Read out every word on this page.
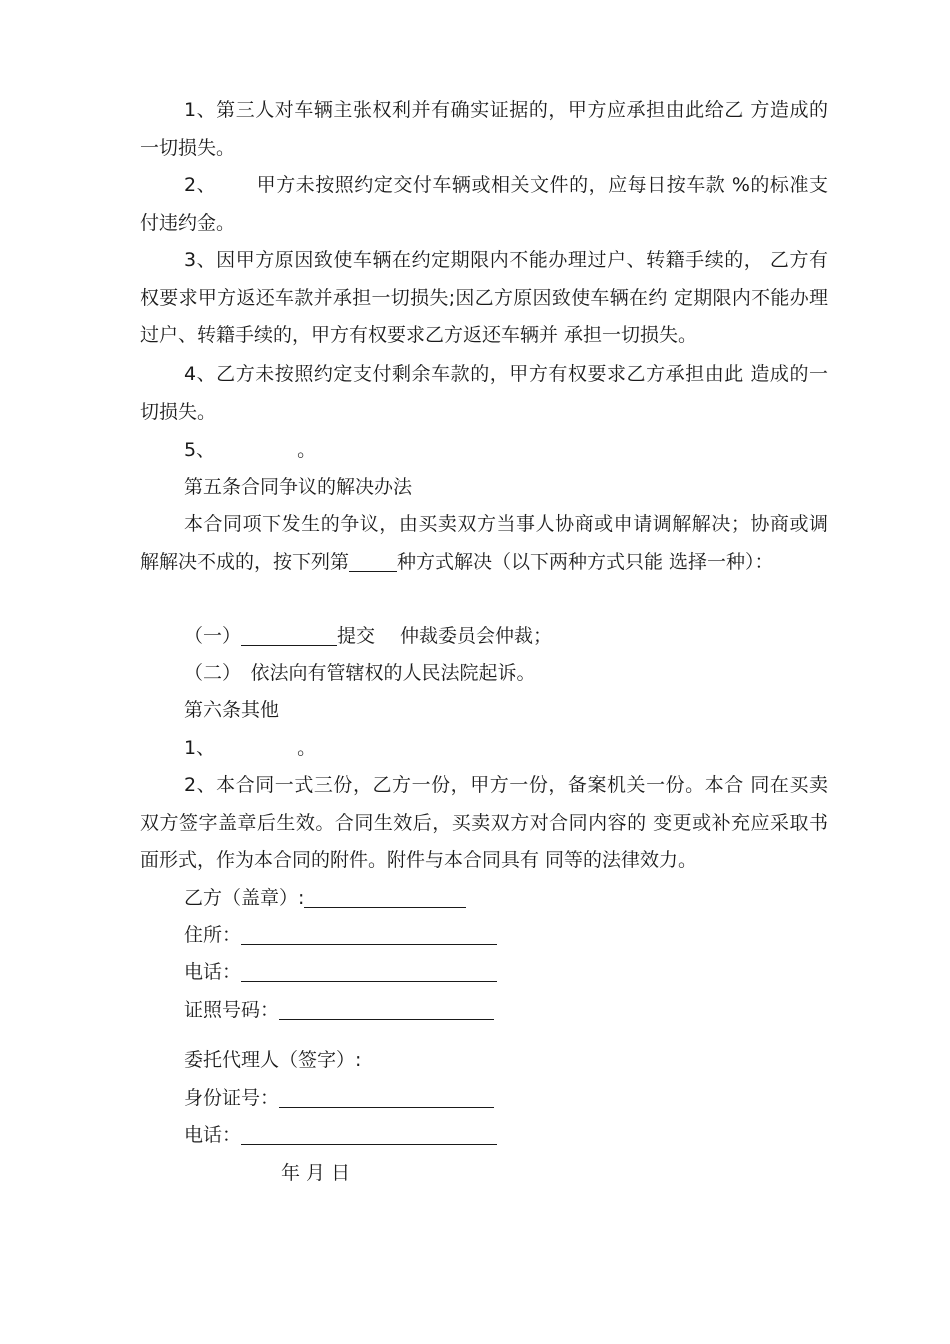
1、第三人对车辆主张权利并有确实证据的，甲方应承担由此给乙 方造成的一切损失。

2、 甲方未按照约定交付车辆或相关文件的，应每日按车款 %的标准支付违约金。

3、因甲方原因致使车辆在约定期限内不能办理过户、转籍手续的， 乙方有权要求甲方返还车款并承担一切损失;因乙方原因致使车辆在约 定期限内不能办理过户、转籍手续的，甲方有权要求乙方返还车辆并 承担一切损失。

4、乙方未按照约定支付剩余车款的，甲方有权要求乙方承担由此 造成的一切损失。

5、	。

第五条合同争议的解决办法

本合同项下发生的争议，由买卖双方当事人协商或申请调解解决；协商或调解解决不成的，按下列第	种方式解决（以下两种方式只能 选择一种）：

（一）	提交　 仲裁委员会仲裁；

（二）　依法向有管辖权的人民法院起诉。

第六条其他

1、	。

2、本合同一式三份，乙方一份，甲方一份，备案机关一份。本合 同在买卖双方签字盖章后生效。合同生效后，买卖双方对合同内容的 变更或补充应采取书面形式，作为本合同的附件。附件与本合同具有 同等的法律效力。

乙方（盖章）:

住所：

电话：

证照号码：

委托代理人（签字）:

身份证号：

电话：

年 月 日
